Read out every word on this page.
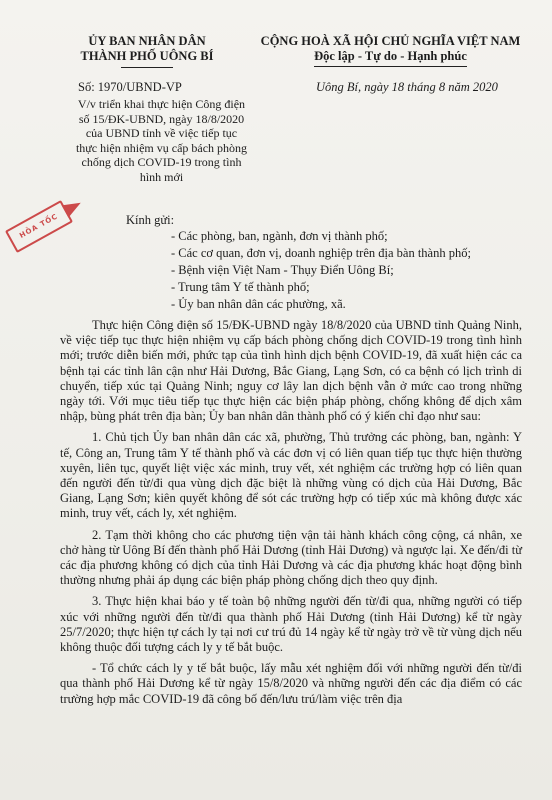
ỦY BAN NHÂN DÂN
THÀNH PHỐ UÔNG BÍ
CỘNG HOÀ XÃ HỘI CHỦ NGHĨA VIỆT NAM
Độc lập - Tự do - Hạnh phúc
Số: 1970/UBND-VP
V/v triển khai thực hiện Công điện số 15/ĐK-UBND, ngày 18/8/2020 của UBND tỉnh về việc tiếp tục thực hiện nhiệm vụ cấp bách phòng chống dịch COVID-19 trong tình hình mới
Uông Bí, ngày 18 tháng 8 năm 2020
HỎA TỐC	Kính gửi:
- Các phòng, ban, ngành, đơn vị thành phố;
- Các cơ quan, đơn vị, doanh nghiệp trên địa bàn thành phố;
- Bệnh viện Việt Nam - Thụy Điển Uông Bí;
- Trung tâm Y tế thành phố;
- Ủy ban nhân dân các phường, xã.

Thực hiện Công điện số 15/ĐK-UBND ngày 18/8/2020 của UBND tỉnh Quảng Ninh, về việc tiếp tục thực hiện nhiệm vụ cấp bách phòng chống dịch COVID-19 trong tình hình mới; trước diễn biến mới, phức tạp của tình hình dịch bệnh COVID-19, đã xuất hiện các ca bệnh tại các tỉnh lân cận như Hải Dương, Bắc Giang, Lạng Sơn, có ca bệnh có lịch trình di chuyển, tiếp xúc tại Quảng Ninh; nguy cơ lây lan dịch bệnh vẫn ở mức cao trong những ngày tới. Với mục tiêu tiếp tục thực hiện các biện pháp phòng, chống không để dịch xâm nhập, bùng phát trên địa bàn; Ủy ban nhân dân thành phố có ý kiến chỉ đạo như sau:

1. Chủ tịch Ủy ban nhân dân các xã, phường, Thủ trưởng các phòng, ban, ngành: Y tế, Công an, Trung tâm Y tế thành phố và các đơn vị có liên quan tiếp tục thực hiện thường xuyên, liên tục, quyết liệt việc xác minh, truy vết, xét nghiệm các trường hợp có liên quan đến người đến từ/đi qua vùng dịch đặc biệt là những vùng có dịch của Hải Dương, Bắc Giang, Lạng Sơn; kiên quyết không để sót các trường hợp có tiếp xúc mà không được xác minh, truy vết, cách ly, xét nghiệm.

2. Tạm thời không cho các phương tiện vận tải hành khách công cộng, cá nhân, xe chở hàng từ Uông Bí đến thành phố Hải Dương (tỉnh Hải Dương) và ngược lại. Xe đến/đi từ các địa phương không có dịch của tỉnh Hải Dương và các địa phương khác hoạt động bình thường nhưng phải áp dụng các biện pháp phòng chống dịch theo quy định.

3. Thực hiện khai báo y tế toàn bộ những người đến từ/đi qua, những người có tiếp xúc với những người đến từ/đi qua thành phố Hải Dương (tỉnh Hải Dương) kể từ ngày 25/7/2020; thực hiện tự cách ly tại nơi cư trú đủ 14 ngày kể từ ngày trở về từ vùng dịch nếu không thuộc đối tượng cách ly y tế bắt buộc.

- Tổ chức cách ly y tế bắt buộc, lấy mẫu xét nghiệm đối với những người đến từ/đi qua thành phố Hải Dương kể từ ngày 15/8/2020 và những người đến các địa điểm có các trường hợp mắc COVID-19 đã công bố đến/lưu trú/làm việc trên địa
